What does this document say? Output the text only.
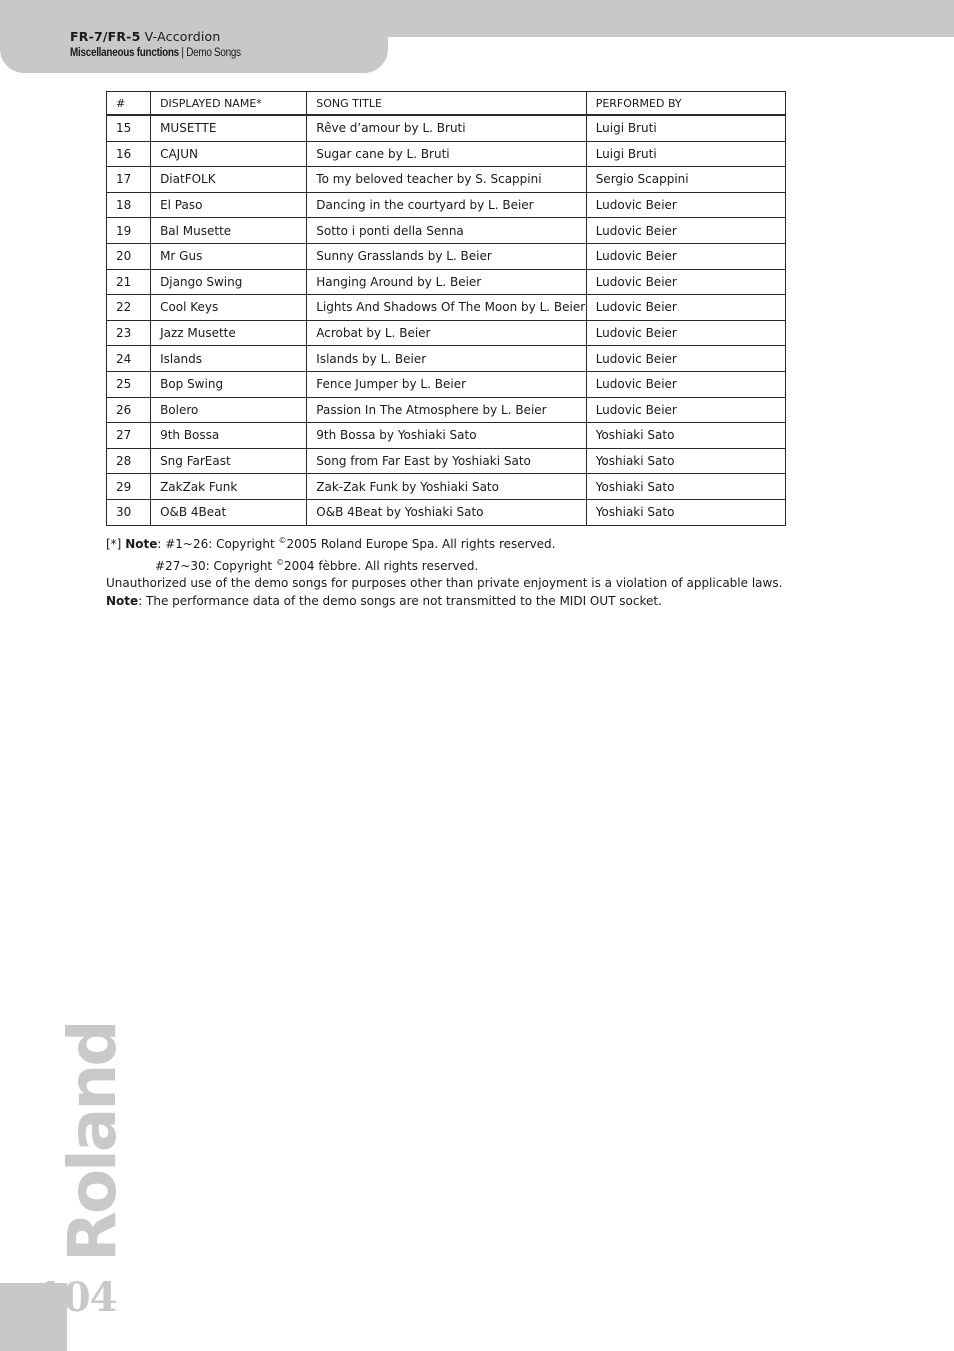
FR-7/FR-5 V-Accordion
Miscellaneous functions | Demo Songs
#	DISPLAYED NAME*	SONG TITLE	PERFORMED BY
15	MUSETTE	Rêve d’amour by L. Bruti	Luigi Bruti
16	CAJUN	Sugar cane by L. Bruti	Luigi Bruti
17	DiatFOLK	To my beloved teacher by S. Scappini	Sergio Scappini
18	El Paso	Dancing in the courtyard by L. Beier	Ludovic Beier
19	Bal Musette	Sotto i ponti della Senna	Ludovic Beier
20	Mr Gus	Sunny Grasslands by L. Beier	Ludovic Beier
21	Django Swing	Hanging Around by L. Beier	Ludovic Beier
22	Cool Keys	Lights And Shadows Of The Moon by L. Beier	Ludovic Beier
23	Jazz Musette	Acrobat by L. Beier	Ludovic Beier
24	Islands	Islands by L. Beier	Ludovic Beier
25	Bop Swing	Fence Jumper by L. Beier	Ludovic Beier
26	Bolero	Passion In The Atmosphere by L. Beier	Ludovic Beier
27	9th Bossa	9th Bossa by Yoshiaki Sato	Yoshiaki Sato
28	Sng FarEast	Song from Far East by Yoshiaki Sato	Yoshiaki Sato
29	ZakZak Funk	Zak-Zak Funk by Yoshiaki Sato	Yoshiaki Sato
30	O&B 4Beat	O&B 4Beat by Yoshiaki Sato	Yoshiaki Sato
[*] Note: #1~26: Copyright ©2005 Roland Europe Spa. All rights reserved.
#27~30: Copyright ©2004 fèbbre. All rights reserved.
Unauthorized use of the demo songs for purposes other than private enjoyment is a violation of applicable laws.
Note: The performance data of the demo songs are not transmitted to the MIDI OUT socket.
Roland
104
